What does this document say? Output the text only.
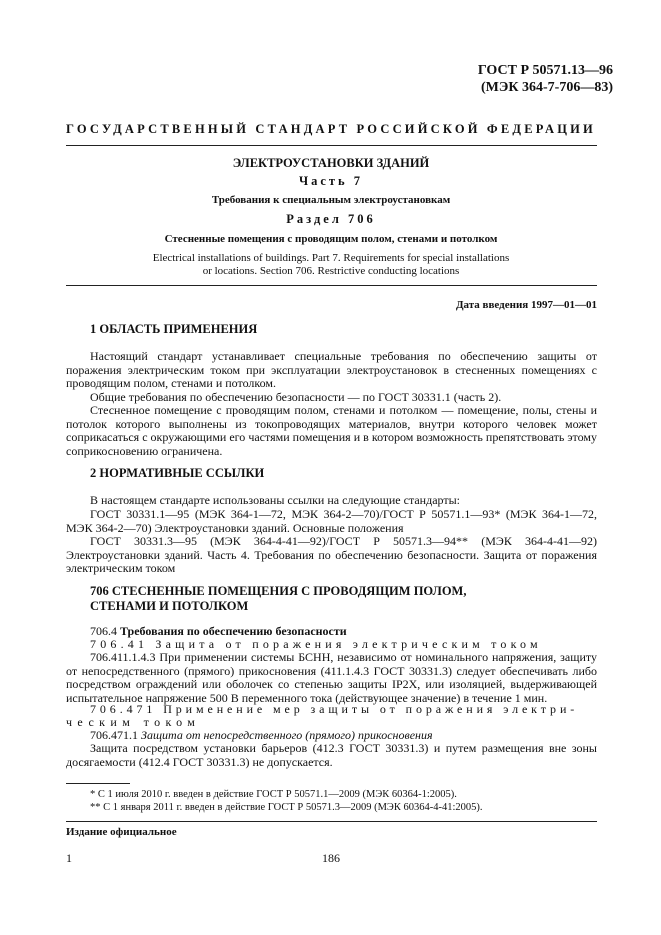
ГОСТ Р 50571.13—96
(МЭК 364-7-706—83)
ГОСУДАРСТВЕННЫЙ СТАНДАРТ РОССИЙСКОЙ ФЕДЕРАЦИИ
ЭЛЕКТРОУСТАНОВКИ ЗДАНИЙ
Часть 7
Требования к специальным электроустановкам
Раздел 706
Стесненные помещения с проводящим полом, стенами и потолком
Electrical installations of buildings. Part 7. Requirements for special installations
or locations. Section 706. Restrictive conducting locations
Дата введения 1997—01—01
1 ОБЛАСТЬ ПРИМЕНЕНИЯ
Настоящий стандарт устанавливает специальные требования по обеспечению защиты от поражения электрическим током при эксплуатации электроустановок в стесненных помещениях с проводящим полом, стенами и потолком.
Общие требования по обеспечению безопасности — по ГОСТ 30331.1 (часть 2).
Стесненное помещение с проводящим полом, стенами и потолком — помещение, полы, стены и потолок которого выполнены из токопроводящих материалов, внутри которого человек может соприкасаться с окружающими его частями помещения и в котором возможность препятствовать этому соприкосновению ограничена.
2 НОРМАТИВНЫЕ ССЫЛКИ
В настоящем стандарте использованы ссылки на следующие стандарты:
ГОСТ 30331.1—95 (МЭК 364-1—72, МЭК 364-2—70)/ГОСТ Р 50571.1—93* (МЭК 364-1—72, МЭК 364-2—70) Электроустановки зданий. Основные положения
ГОСТ 30331.3—95 (МЭК 364-4-41—92)/ГОСТ Р 50571.3—94** (МЭК 364-4-41—92) Электроустановки зданий. Часть 4. Требования по обеспечению безопасности. Защита от поражения электрическим током
706 СТЕСНЕННЫЕ ПОМЕЩЕНИЯ С ПРОВОДЯЩИМ ПОЛОМ,
СТЕНАМИ И ПОТОЛКОМ
706.4 Требования по обеспечению безопасности
706.41 Защита от поражения электрическим током
706.411.1.4.3 При применении системы БСНН, независимо от номинального напряжения, защиту от непосредственного (прямого) прикосновения (411.1.4.3 ГОСТ 30331.3) следует обеспечивать либо посредством ограждений или оболочек со степенью защиты IP2X, или изоляцией, выдерживающей испытательное напряжение 500 В переменного тока (действующее значение) в течение 1 мин.
706.471 Применение мер защиты от поражения электри-
ческим током
706.471.1 Защита от непосредственного (прямого) прикосновения
Защита посредством установки барьеров (412.3 ГОСТ 30331.3) и путем размещения вне зоны досягаемости (412.4 ГОСТ 30331.3) не допускается.
* С 1 июля 2010 г. введен в действие ГОСТ Р 50571.1—2009 (МЭК 60364-1:2005).
** С 1 января 2011 г. введен в действие ГОСТ Р 50571.3—2009 (МЭК 60364-4-41:2005).
Издание официальное
1	186
